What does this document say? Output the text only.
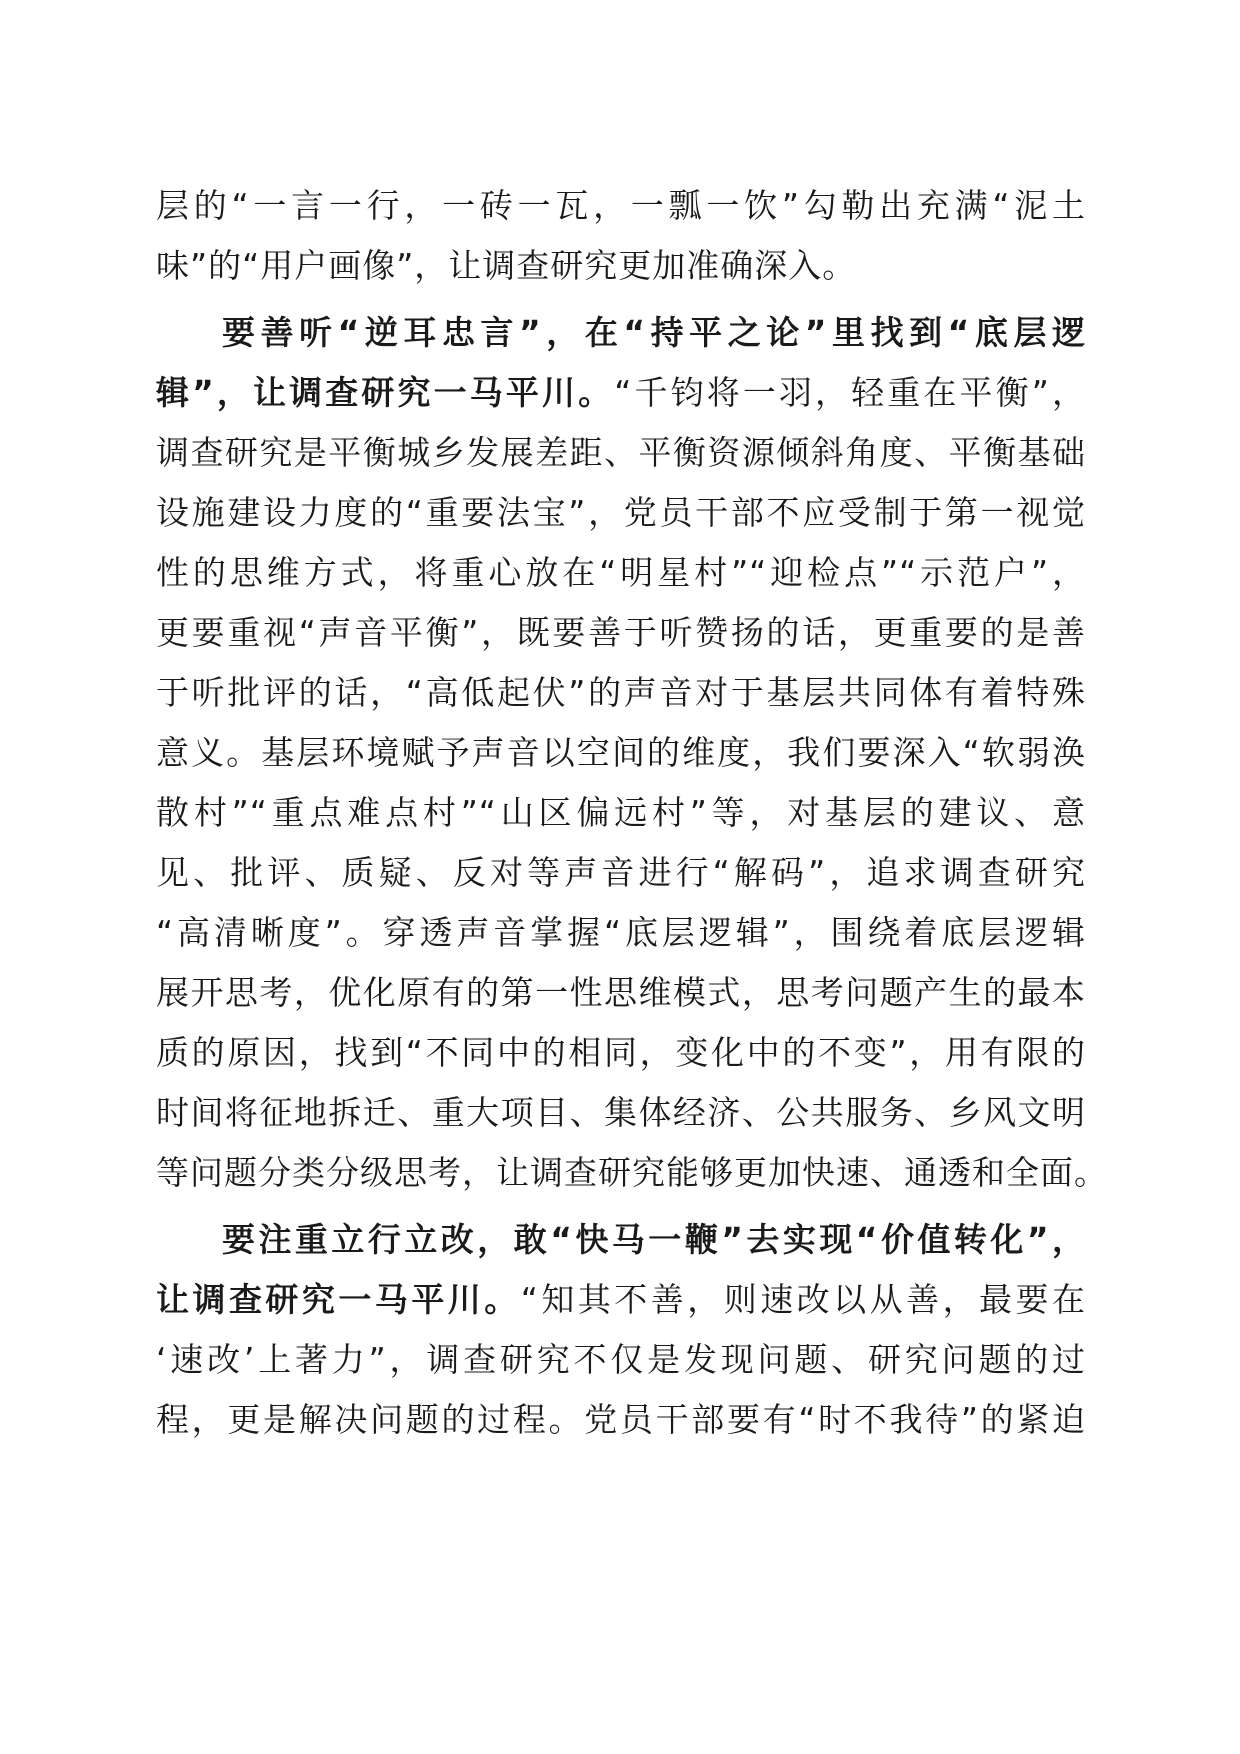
层的“一言一行，一砖一瓦，一瓢一饮”勾勒出充满“泥土
味”的“用户画像”，让调查研究更加准确深入。
要善听“逆耳忠言”，在“持平之论”里找到“底层逻
辑”，让调查研究一马平川。“千钧将一羽，轻重在平衡”，
调查研究是平衡城乡发展差距、平衡资源倾斜角度、平衡基础
设施建设力度的“重要法宝”，党员干部不应受制于第一视觉
性的思维方式，将重心放在“明星村”“迎检点”“示范户”，
更要重视“声音平衡”，既要善于听赞扬的话，更重要的是善
于听批评的话，“高低起伏”的声音对于基层共同体有着特殊
意义。基层环境赋予声音以空间的维度，我们要深入“软弱涣
散村”“重点难点村”“山区偏远村”等，对基层的建议、意
见、批评、质疑、反对等声音进行“解码”，追求调查研究
“高清晰度”。穿透声音掌握“底层逻辑”，围绕着底层逻辑
展开思考，优化原有的第一性思维模式，思考问题产生的最本
质的原因，找到“不同中的相同，变化中的不变”，用有限的
时间将征地拆迁、重大项目、集体经济、公共服务、乡风文明
等问题分类分级思考，让调查研究能够更加快速、通透和全面。
要注重立行立改，敢“快马一鞭”去实现“价值转化”，
让调查研究一马平川。“知其不善，则速改以从善，最要在
‘速改’上著力”，调查研究不仅是发现问题、研究问题的过
程，更是解决问题的过程。党员干部要有“时不我待”的紧迫
